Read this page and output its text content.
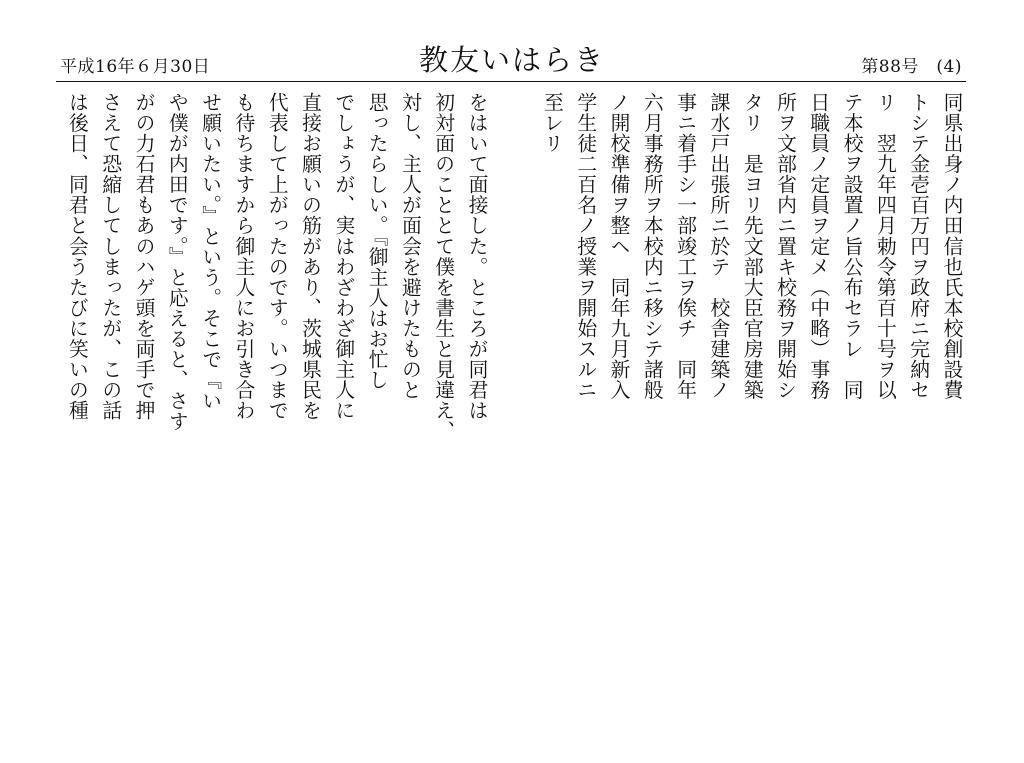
平成16年６月30日	教友いはらき	第88号　(4)
同県出身ノ内田信也氏本校創設費
トシテ金壱百万円ヲ政府ニ完納セ
リ　翌九年四月勅令第百十号ヲ以
テ本校ヲ設置ノ旨公布セラレ　同
日職員ノ定員ヲ定メ（中略）事務
所ヲ文部省内ニ置キ校務ヲ開始シ
タリ　是ヨリ先文部大臣官房建築
課水戸出張所ニ於テ　校舎建築ノ
事ニ着手シ一部竣工ヲ俟チ　同年
六月事務所ヲ本校内ニ移シテ諸般
ノ開校準備ヲ整ヘ　同年九月新入
学生徒二百名ノ授業ヲ開始スルニ
至レリ

をはいて面接した。ところが同君は
初対面のこととて僕を書生と見違え、
対し、主人が面会を避けたものと
思ったらしい。『御主人はお忙し
でしょうが、実はわざわざ御主人に
直接お願いの筋があり、茨城県民を
代表して上がったのです。いつまで
も待ちますから御主人にお引き合わ
せ願いたい。』という。そこで『い
や僕が内田です。』と応えると、さす
がの力石君もあのハゲ頭を両手で押
さえて恐縮してしまったが、この話
は後日、同君と会うたびに笑いの種
